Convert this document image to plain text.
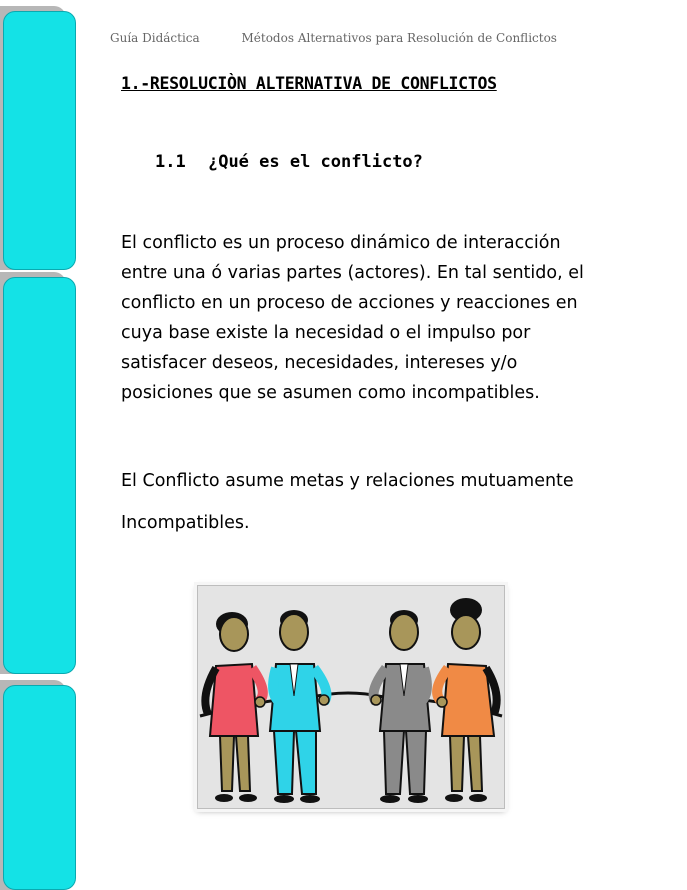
Guía Didáctica	Métodos Alternativos para Resolución de Conflictos
1.-RESOLUCIÒN ALTERNATIVA DE CONFLICTOS
1.1 ¿Qué es el conflicto?
El conflicto es un proceso dinámico de interacción entre una ó varias partes (actores). En tal sentido, el conflicto en un proceso de acciones y reacciones en cuya base existe la necesidad o el impulso por satisfacer deseos, necesidades, intereses y/o posiciones que se asumen como incompatibles.
El Conflicto asume metas y relaciones mutuamente Incompatibles.
